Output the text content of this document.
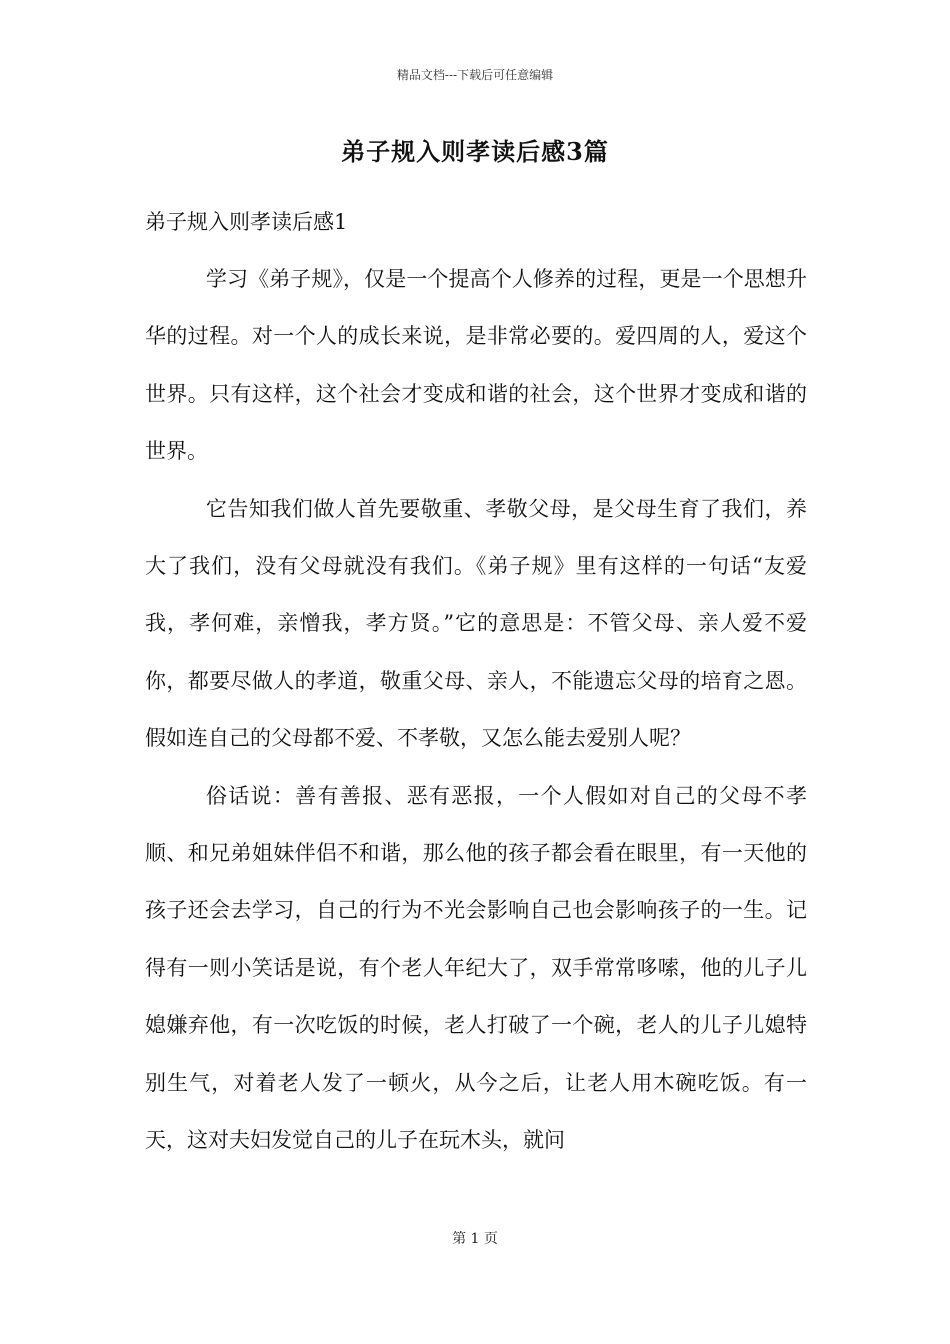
精品文档---下载后可任意编辑
弟子规入则孝读后感3篇
弟子规入则孝读后感1

学习《弟子规》，仅是一个提高个人修养的过程，更是一个思想升华的过程。对一个人的成长来说，是非常必要的。爱四周的人，爱这个世界。只有这样，这个社会才变成和谐的社会，这个世界才变成和谐的世界。

它告知我们做人首先要敬重、孝敬父母，是父母生育了我们，养大了我们，没有父母就没有我们。《弟子规》里有这样的一句话“友爱我，孝何难，亲憎我，孝方贤。”它的意思是：不管父母、亲人爱不爱你，都要尽做人的孝道，敬重父母、亲人，不能遗忘父母的培育之恩。假如连自己的父母都不爱、不孝敬，又怎么能去爱别人呢？

俗话说：善有善报、恶有恶报，一个人假如对自己的父母不孝顺、和兄弟姐妹伴侣不和谐，那么他的孩子都会看在眼里，有一天他的孩子还会去学习，自己的行为不光会影响自己也会影响孩子的一生。记得有一则小笑话是说，有个老人年纪大了，双手常常哆嗦，他的儿子儿媳嫌弃他，有一次吃饭的时候，老人打破了一个碗，老人的儿子儿媳特别生气，对着老人发了一顿火，从今之后，让老人用木碗吃饭。有一天，这对夫妇发觉自己的儿子在玩木头，就问

第 1 页
